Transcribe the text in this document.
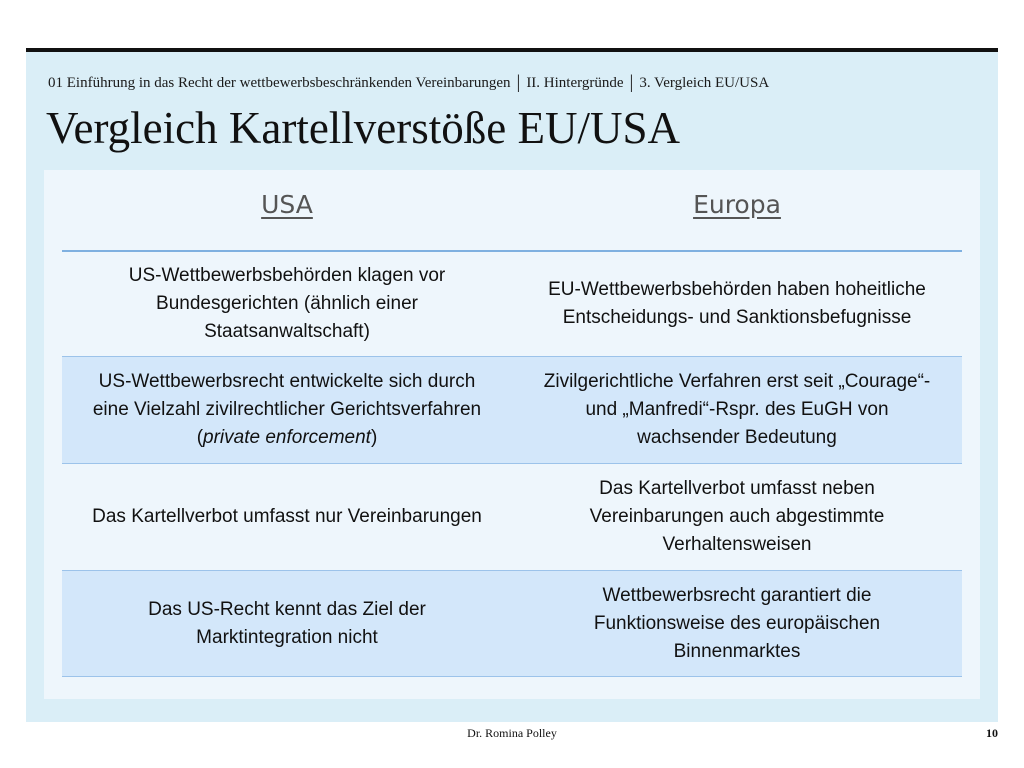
01 Einführung in das Recht der wettbewerbsbeschränkenden Vereinbarungen | II. Hintergründe | 3. Vergleich EU/USA
Vergleich Kartellverstöße EU/USA
USA	Europa
US-Wettbewerbsbehörden klagen vor Bundesgerichten (ähnlich einer Staatsanwaltschaft)
EU-Wettbewerbsbehörden haben hoheitliche Entscheidungs- und Sanktionsbefugnisse
US-Wettbewerbsrecht entwickelte sich durch eine Vielzahl zivilrechtlicher Gerichtsverfahren (private enforcement)
Zivilgerichtliche Verfahren erst seit „Courage“- und „Manfredi“-Rspr. des EuGH von wachsender Bedeutung
Das Kartellverbot umfasst nur Vereinbarungen
Das Kartellverbot umfasst neben Vereinbarungen auch abgestimmte Verhaltensweisen
Das US-Recht kennt das Ziel der Marktintegration nicht
Wettbewerbsrecht garantiert die Funktionsweise des europäischen Binnenmarktes
Dr. Romina Polley	10
